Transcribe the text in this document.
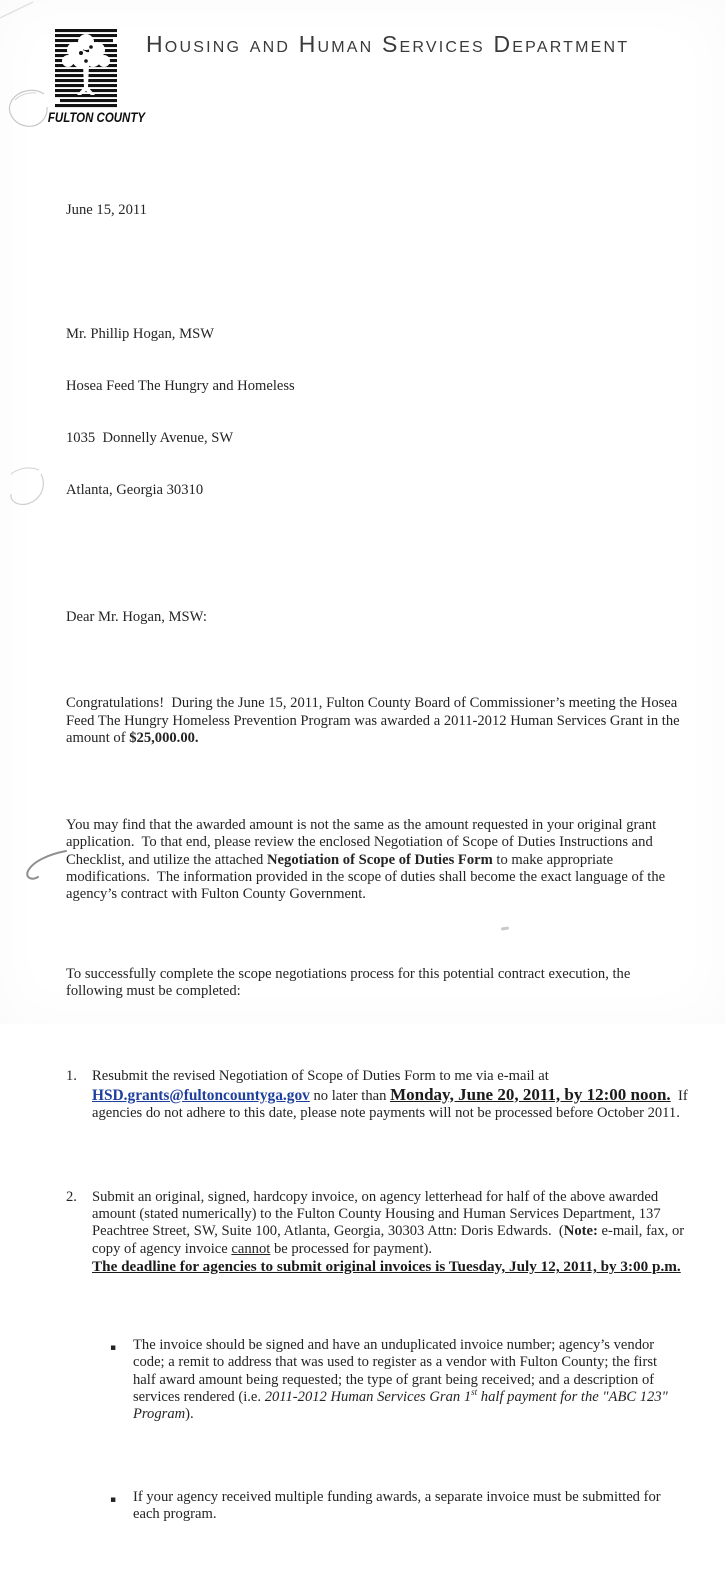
FULTON COUNTY
Housing and Human Services Department

June 15, 2011

Mr. Phillip Hogan, MSW

Hosea Feed The Hungry and Homeless

1035  Donnelly Avenue, SW

Atlanta, Georgia 30310

Dear Mr. Hogan, MSW:

Congratulations!  During the June 15, 2011, Fulton County Board of Commissioner’s meeting the Hosea Feed The Hungry Homeless Prevention Program was awarded a 2011-2012 Human Services Grant in the amount of $25,000.00.

You may find that the awarded amount is not the same as the amount requested in your original grant application.  To that end, please review the enclosed Negotiation of Scope of Duties Instructions and Checklist, and utilize the attached Negotiation of Scope of Duties Form to make appropriate modifications.  The information provided in the scope of duties shall become the exact language of the agency’s contract with Fulton County Government.

To successfully complete the scope negotiations process for this potential contract execution, the following must be completed:

1.	Resubmit the revised Negotiation of Scope of Duties Form to me via e-mail at HSD.grants@fultoncountyga.gov no later than Monday, June 20, 2011, by 12:00 noon.  If agencies do not adhere to this date, please note payments will not be processed before October 2011.

2.	Submit an original, signed, hardcopy invoice, on agency letterhead for half of the above awarded amount (stated numerically) to the Fulton County Housing and Human Services Department, 137 Peachtree Street, SW, Suite 100, Atlanta, Georgia, 30303 Attn: Doris Edwards.  (Note: e-mail, fax, or copy of agency invoice cannot be processed for payment).
The deadline for agencies to submit original invoices is Tuesday, July 12, 2011, by 3:00 p.m.

▪	The invoice should be signed and have an unduplicated invoice number; agency’s vendor code; a remit to address that was used to register as a vendor with Fulton County; the first half award amount being requested; the type of grant being received; and a description of services rendered (i.e. 2011-2012 Human Services Gran 1st half payment for the "ABC 123" Program).

▪	If your agency received multiple funding awards, a separate invoice must be submitted for each program.
